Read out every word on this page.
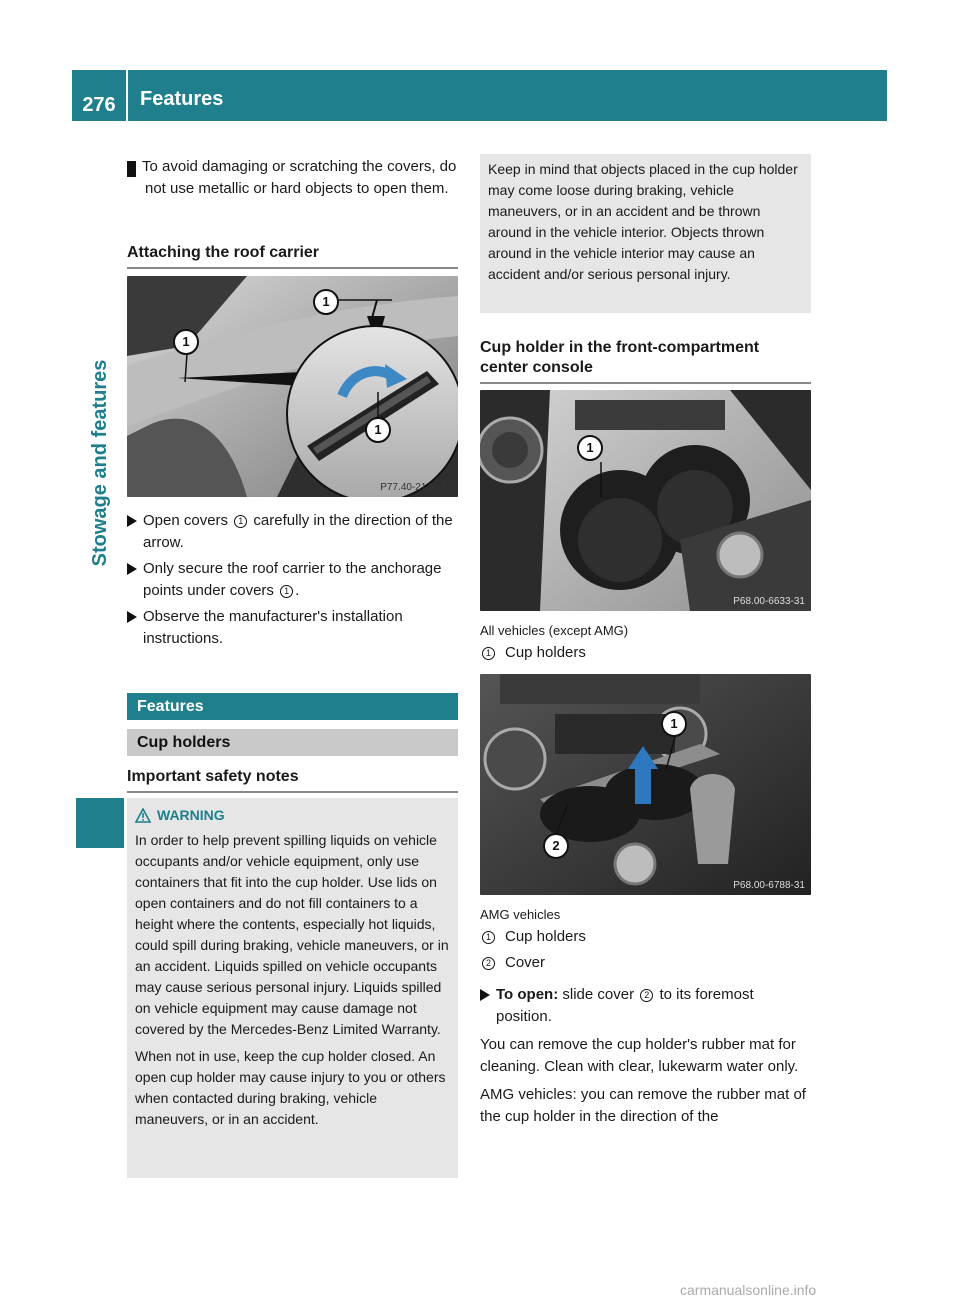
276	Features
Stowage and features

! To avoid damaging or scratching the covers, do not use metallic or hard objects to open them.

Attaching the roof carrier
1
1
1
P77.40-2144-31
Open covers 1 carefully in the direction of the arrow.
Only secure the roof carrier to the anchorage points under covers 1 .
Observe the manufacturer's installation instructions.
Features
Cup holders
Important safety notes
WARNING

In order to help prevent spilling liquids on vehicle occupants and/or vehicle equipment, only use containers that fit into the cup holder. Use lids on open containers and do not fill containers to a height where the contents, especially hot liquids, could spill during braking, vehicle maneuvers, or in an accident. Liquids spilled on vehicle occupants may cause serious personal injury. Liquids spilled on vehicle equipment may cause damage not covered by the Mercedes-Benz Limited Warranty.

When not in use, keep the cup holder closed. An open cup holder may cause injury to you or others when contacted during braking, vehicle maneuvers, or in an accident.

Keep in mind that objects placed in the cup holder may come loose during braking, vehicle maneuvers, or in an accident and be thrown around in the vehicle interior. Objects thrown around in the vehicle interior may cause an accident and/or serious personal injury.

Cup holder in the front-compartment center console
1
P68.00-6633-31
All vehicles (except AMG)
1 Cup holders
1
2
P68.00-6788-31
AMG vehicles
1 Cup holders
2 Cover
To open: slide cover 2 to its foremost position.

You can remove the cup holder's rubber mat for cleaning. Clean with clear, lukewarm water only.

AMG vehicles: you can remove the rubber mat of the cup holder in the direction of the

carmanualsonline.info
